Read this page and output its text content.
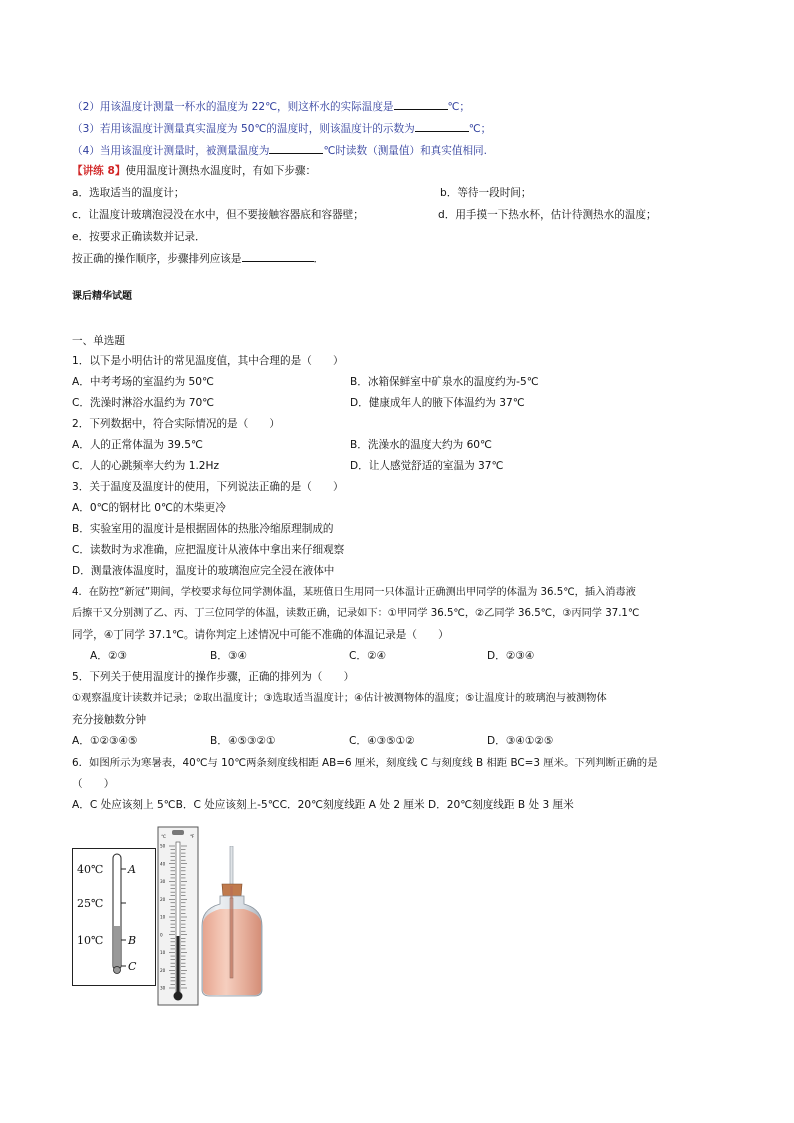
（2）用该温度计测量一杯水的温度为 22℃，则这杯水的实际温度是	℃；
（3）若用该温度计测量真实温度为 50℃的温度时，则该温度计的示数为	℃；
（4）当用该温度计测量时，被测量温度为	℃时读数（测量值）和真实值相同.
【讲练 8】使用温度计测热水温度时，有如下步骤：
a．选取适当的温度计；	b．等待一段时间；
c．让温度计玻璃泡浸没在水中，但不要接触容器底和容器壁；	d．用手摸一下热水杯，估计待测热水的温度；
e．按要求正确读数并记录．
按正确的操作顺序，步骤排列应该是	．
课后精华试题
一、单选题
1．以下是小明估计的常见温度值，其中合理的是（　　）
A．中考考场的室温约为 50℃	B．冰箱保鲜室中矿泉水的温度约为-5℃
C．洗澡时淋浴水温约为 70℃	D．健康成年人的腋下体温约为 37℃
2．下列数据中，符合实际情况的是（　　）
A．人的正常体温为 39.5℃	B．洗澡水的温度大约为 60℃
C．人的心跳频率大约为 1.2Hz	D．让人感觉舒适的室温为 37℃
3．关于温度及温度计的使用，下列说法正确的是（　　）
A．0℃的钢材比 0℃的木柴更冷
B．实验室用的温度计是根据固体的热胀冷缩原理制成的
C．读数时为求准确，应把温度计从液体中拿出来仔细观察
D．测量液体温度时，温度计的玻璃泡应完全浸在液体中
4．在防控“新冠”期间，学校要求每位同学测体温，某班值日生用同一只体温计正确测出甲同学的体温为 36.5℃，插入消毒液
后擦干又分别测了乙、丙、丁三位同学的体温，读数正确，记录如下：①甲同学 36.5℃，②乙同学 36.5℃，③丙同学 37.1℃
同学，④丁同学 37.1℃。请你判定上述情况中可能不准确的体温记录是（　　）
A．②③	B．③④	C．②④	D．②③④
5．下列关于使用温度计的操作步骤，正确的排列为（　　）
①观察温度计读数并记录；②取出温度计；③选取适当温度计；④估计被测物体的温度；⑤让温度计的玻璃泡与被测物体
充分接触数分钟
A．①②③④⑤	B．④⑤③②①	C．④③⑤①②	D．③④①②⑤
6．如图所示为寒暑表，40℃与 10℃两条刻度线相距 AB=6 厘米，刻度线 C 与刻度线 B 相距 BC=3 厘米。下列判断正确的是
（　　）
A．C 处应该刻上 5℃B．C 处应该刻上-5℃C．20℃刻度线距 A 处 2 厘米 D．20℃刻度线距 B 处 3 厘米
40℃
25℃
10℃
A
B
C
℃	℉
50
40
30
20
10
0
10
20
30
